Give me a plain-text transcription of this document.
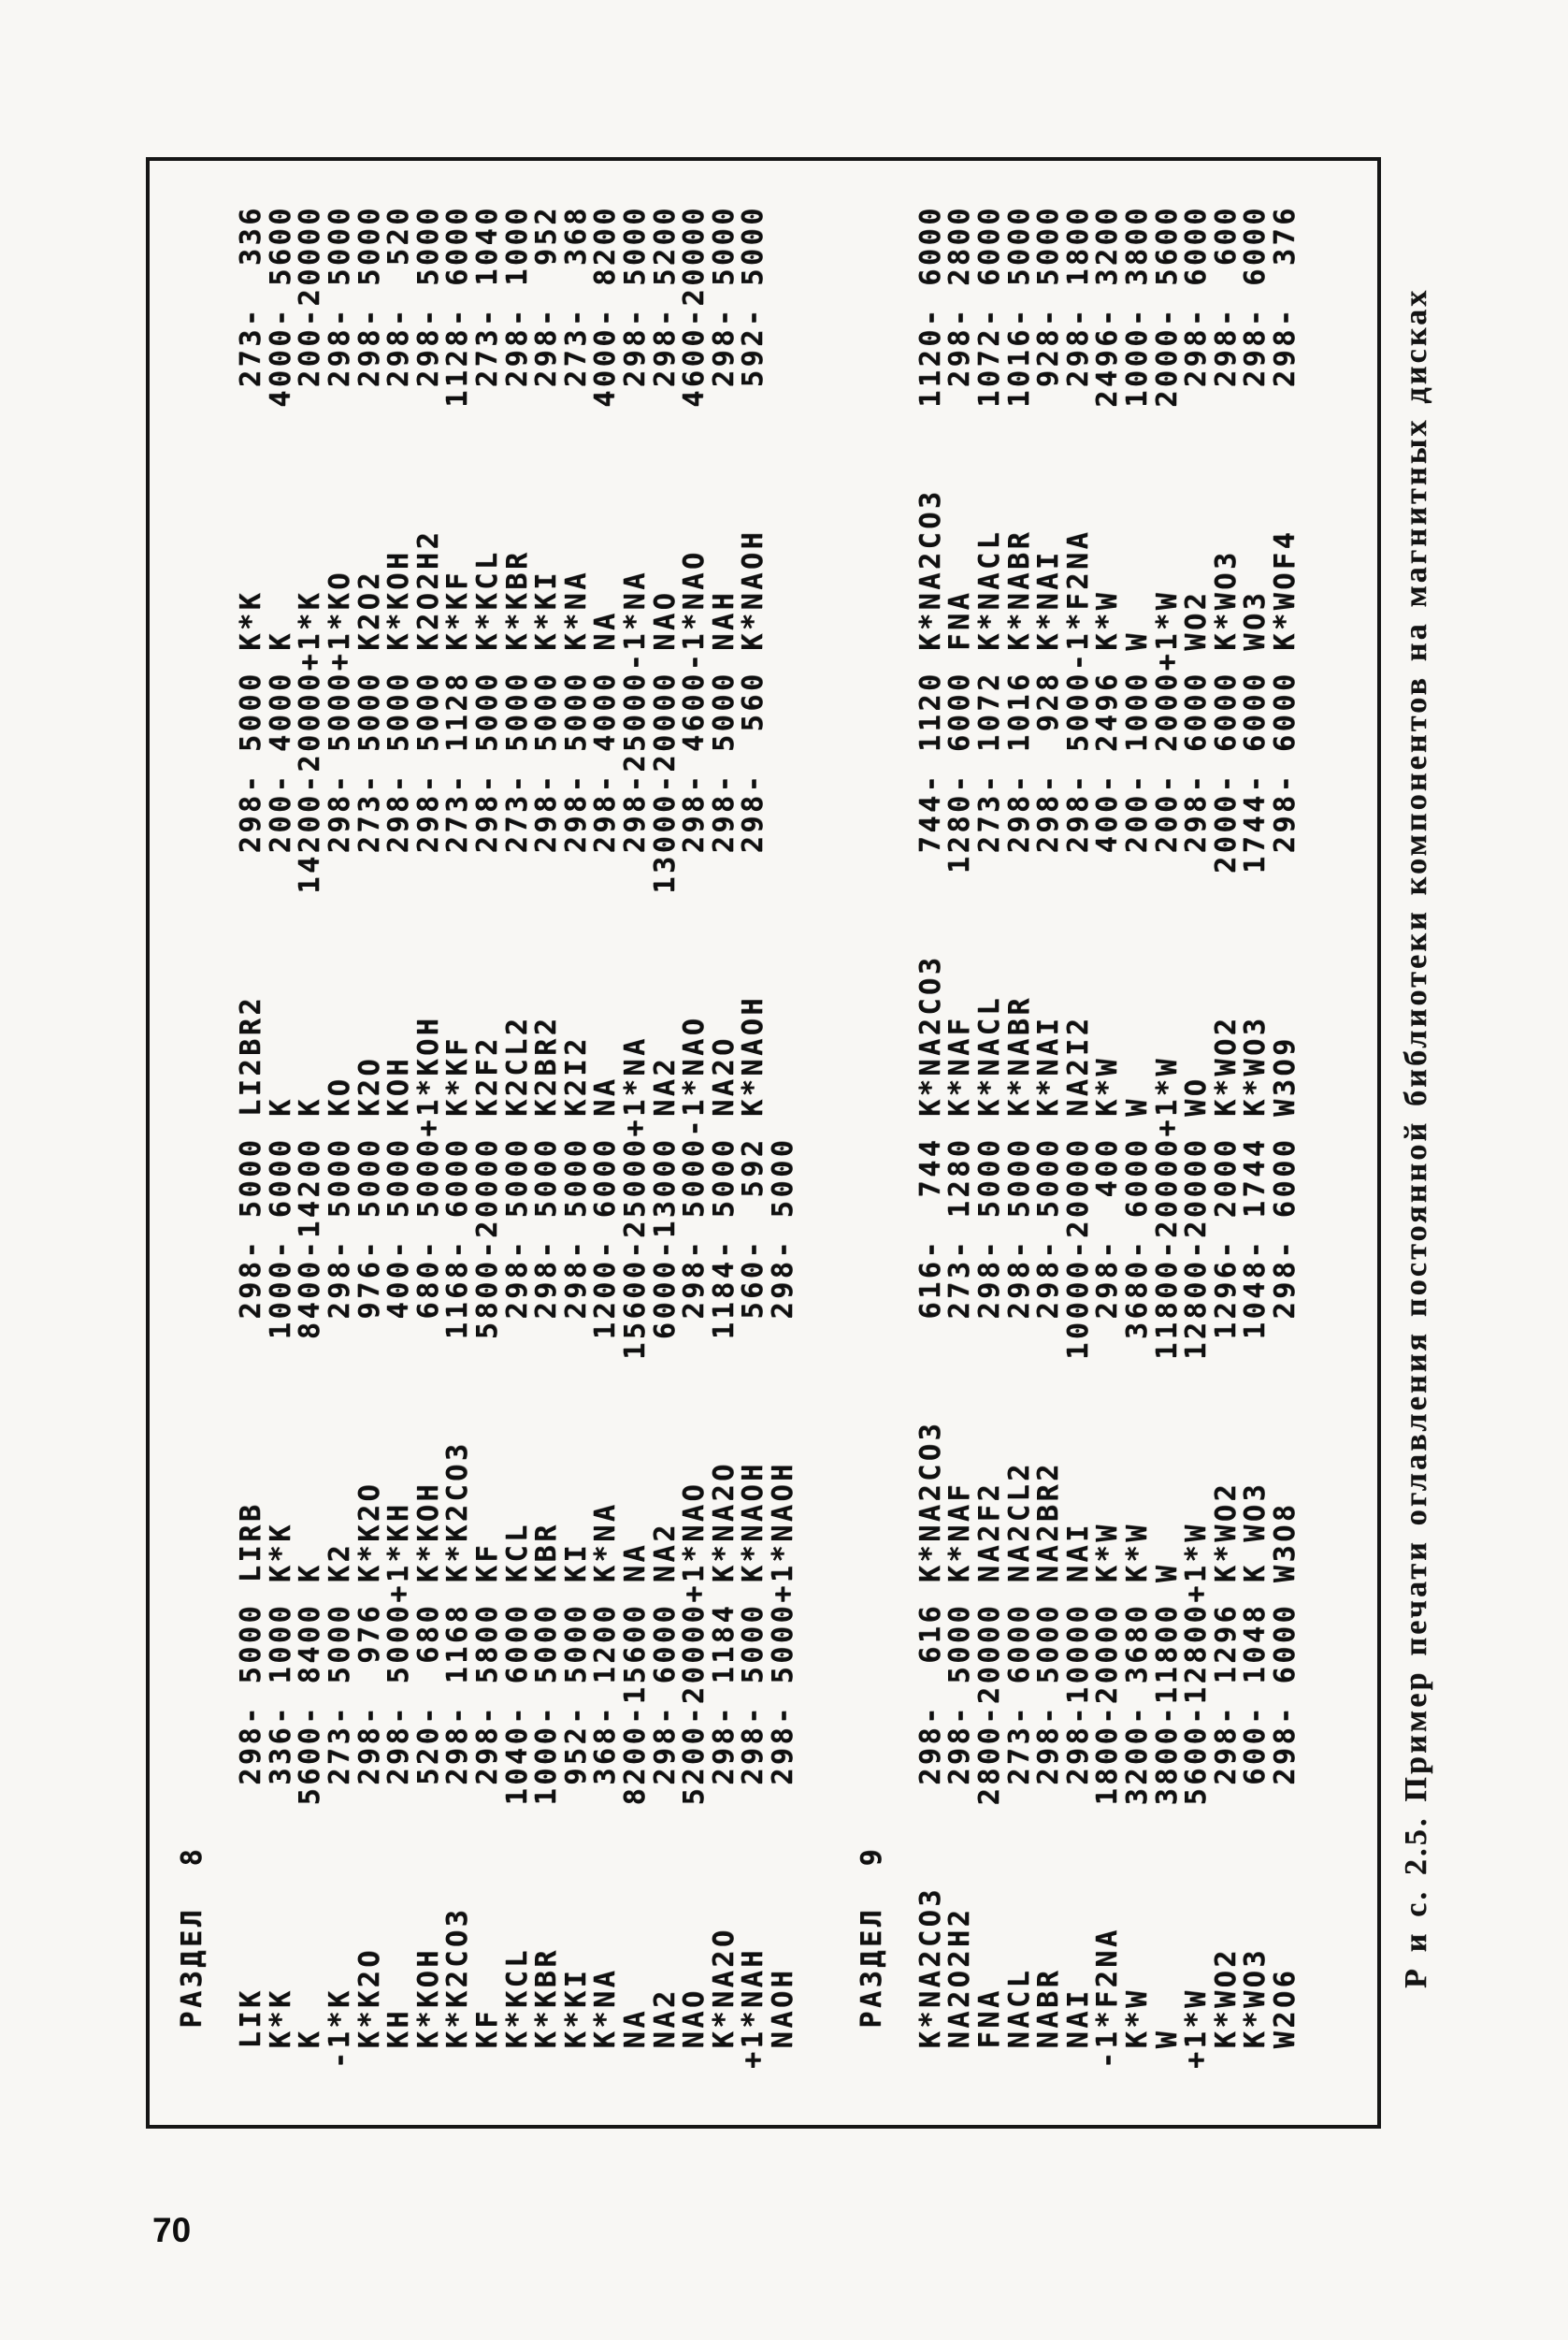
РАЗДЕЛ  8 LIK          298- 5000 LIRB         298- 5000 LI2BR2       298- 5000 K*K          273-  336
K*K          336- 1000 K*K         1000- 6000 K            200- 4000 K           4000- 5600
K           5600- 8400 K           8400-14200 K          14200-20000+1*K          200-20000
-1*K          273- 5000 K2           298- 5000 KO           298- 5000+1*KO         298- 5000
K*K2O        298-  976 K*K2O        976- 5000 K2O          273- 5000 K2O2         298- 5000
KH           298- 5000+1*KH         400- 5000 KOH          298- 5000 K*KOH        298-  520
K*KOH        520-  680 K*KOH        680- 5000+1*KOH        298- 5000 K2O2H2       298- 5000
K*K2CO3      298- 1168 K*K2CO3     1168- 6000 K*KF         273- 1128 K*KF        1128- 6000
KF           298- 5800 KF          5800-20000 K2F2         298- 5000 K*KCL        273- 1040
K*KCL       1040- 6000 KCL          298- 5000 K2CL2        273- 5000 K*KBR        298- 1000
K*KBR       1000- 5000 KBR          298- 5000 K2BR2        298- 5000 K*KI         298-  952
K*KI         952- 5000 KI           298- 5000 K2I2         298- 5000 K*NA         273-  368
K*NA         368- 1200 K*NA        1200- 6000 NA           298- 4000 NA          4000- 8200
NA          8200-15600 NA         15600-25000+1*NA         298-25000-1*NA         298- 5000
NA2          298- 6000 NA2         6000-13000 NA2        13000-20000 NAO          298- 5200
NAO         5200-20000+1*NAO        298- 5000-1*NAO        298- 4600-1*NAO       4600-20000
K*NA2O       298- 1184 K*NA2O      1184- 5000 NA2O         298- 5000 NAH          298- 5000
+1*NAH        298- 5000 K*NAOH       560-  592 K*NAOH       298-  560 K*NAOH       592- 5000
NAOH         298- 5000+1*NAOH       298- 5000 РАЗДЕЛ  9 K*NA2CO3     298-  616 K*NA2CO3     616-  744 K*NA2CO3     744- 1120 K*NA2CO3    1120- 6000
NA2O2H2      298- 5000 K*NAF        273- 1280 K*NAF       1280- 6000 FNA          298- 2800
FNA         2800-20000 NA2F2        298- 5000 K*NACL       273- 1072 K*NACL      1072- 6000
NACL         273- 6000 NA2CL2       298- 5000 K*NABR       298- 1016 K*NABR      1016- 5000
NABR         298- 5000 NA2BR2       298- 5000 K*NAI        298-  928 K*NAI        928- 5000
NAI          298-10000 NAI        10000-20000 NA2I2        298- 5000-1*F2NA       298- 1800
-1*F2NA      1800-20000 K*W          298-  400 K*W          400- 2496 K*W         2496- 3200
K*W         3200- 3680 K*W         3680- 6000 W            200- 1000 W           1000- 3800
W           3800-11800 W          11800-20000+1*W          200- 2000+1*W         2000- 5600
+1*W         5600-12800+1*W        12800-20000 WO           298- 6000 WO2          298- 6000
K*WO2        298- 1296 K*WO2       1296- 2000 K*WO2       2000- 6000 K*WO3        298-  600
K*WO3        600- 1048 K WO3       1048- 1744 K*WO3       1744- 6000 WO3          298- 6000
W2O6         298- 6000 W3O8         298- 6000 W3O9         298- 6000 K*WOF4       298-  376	Р и с. 2.5. Пример печати оглавления постоянной библиотеки компонентов на магнитных дисках
70
